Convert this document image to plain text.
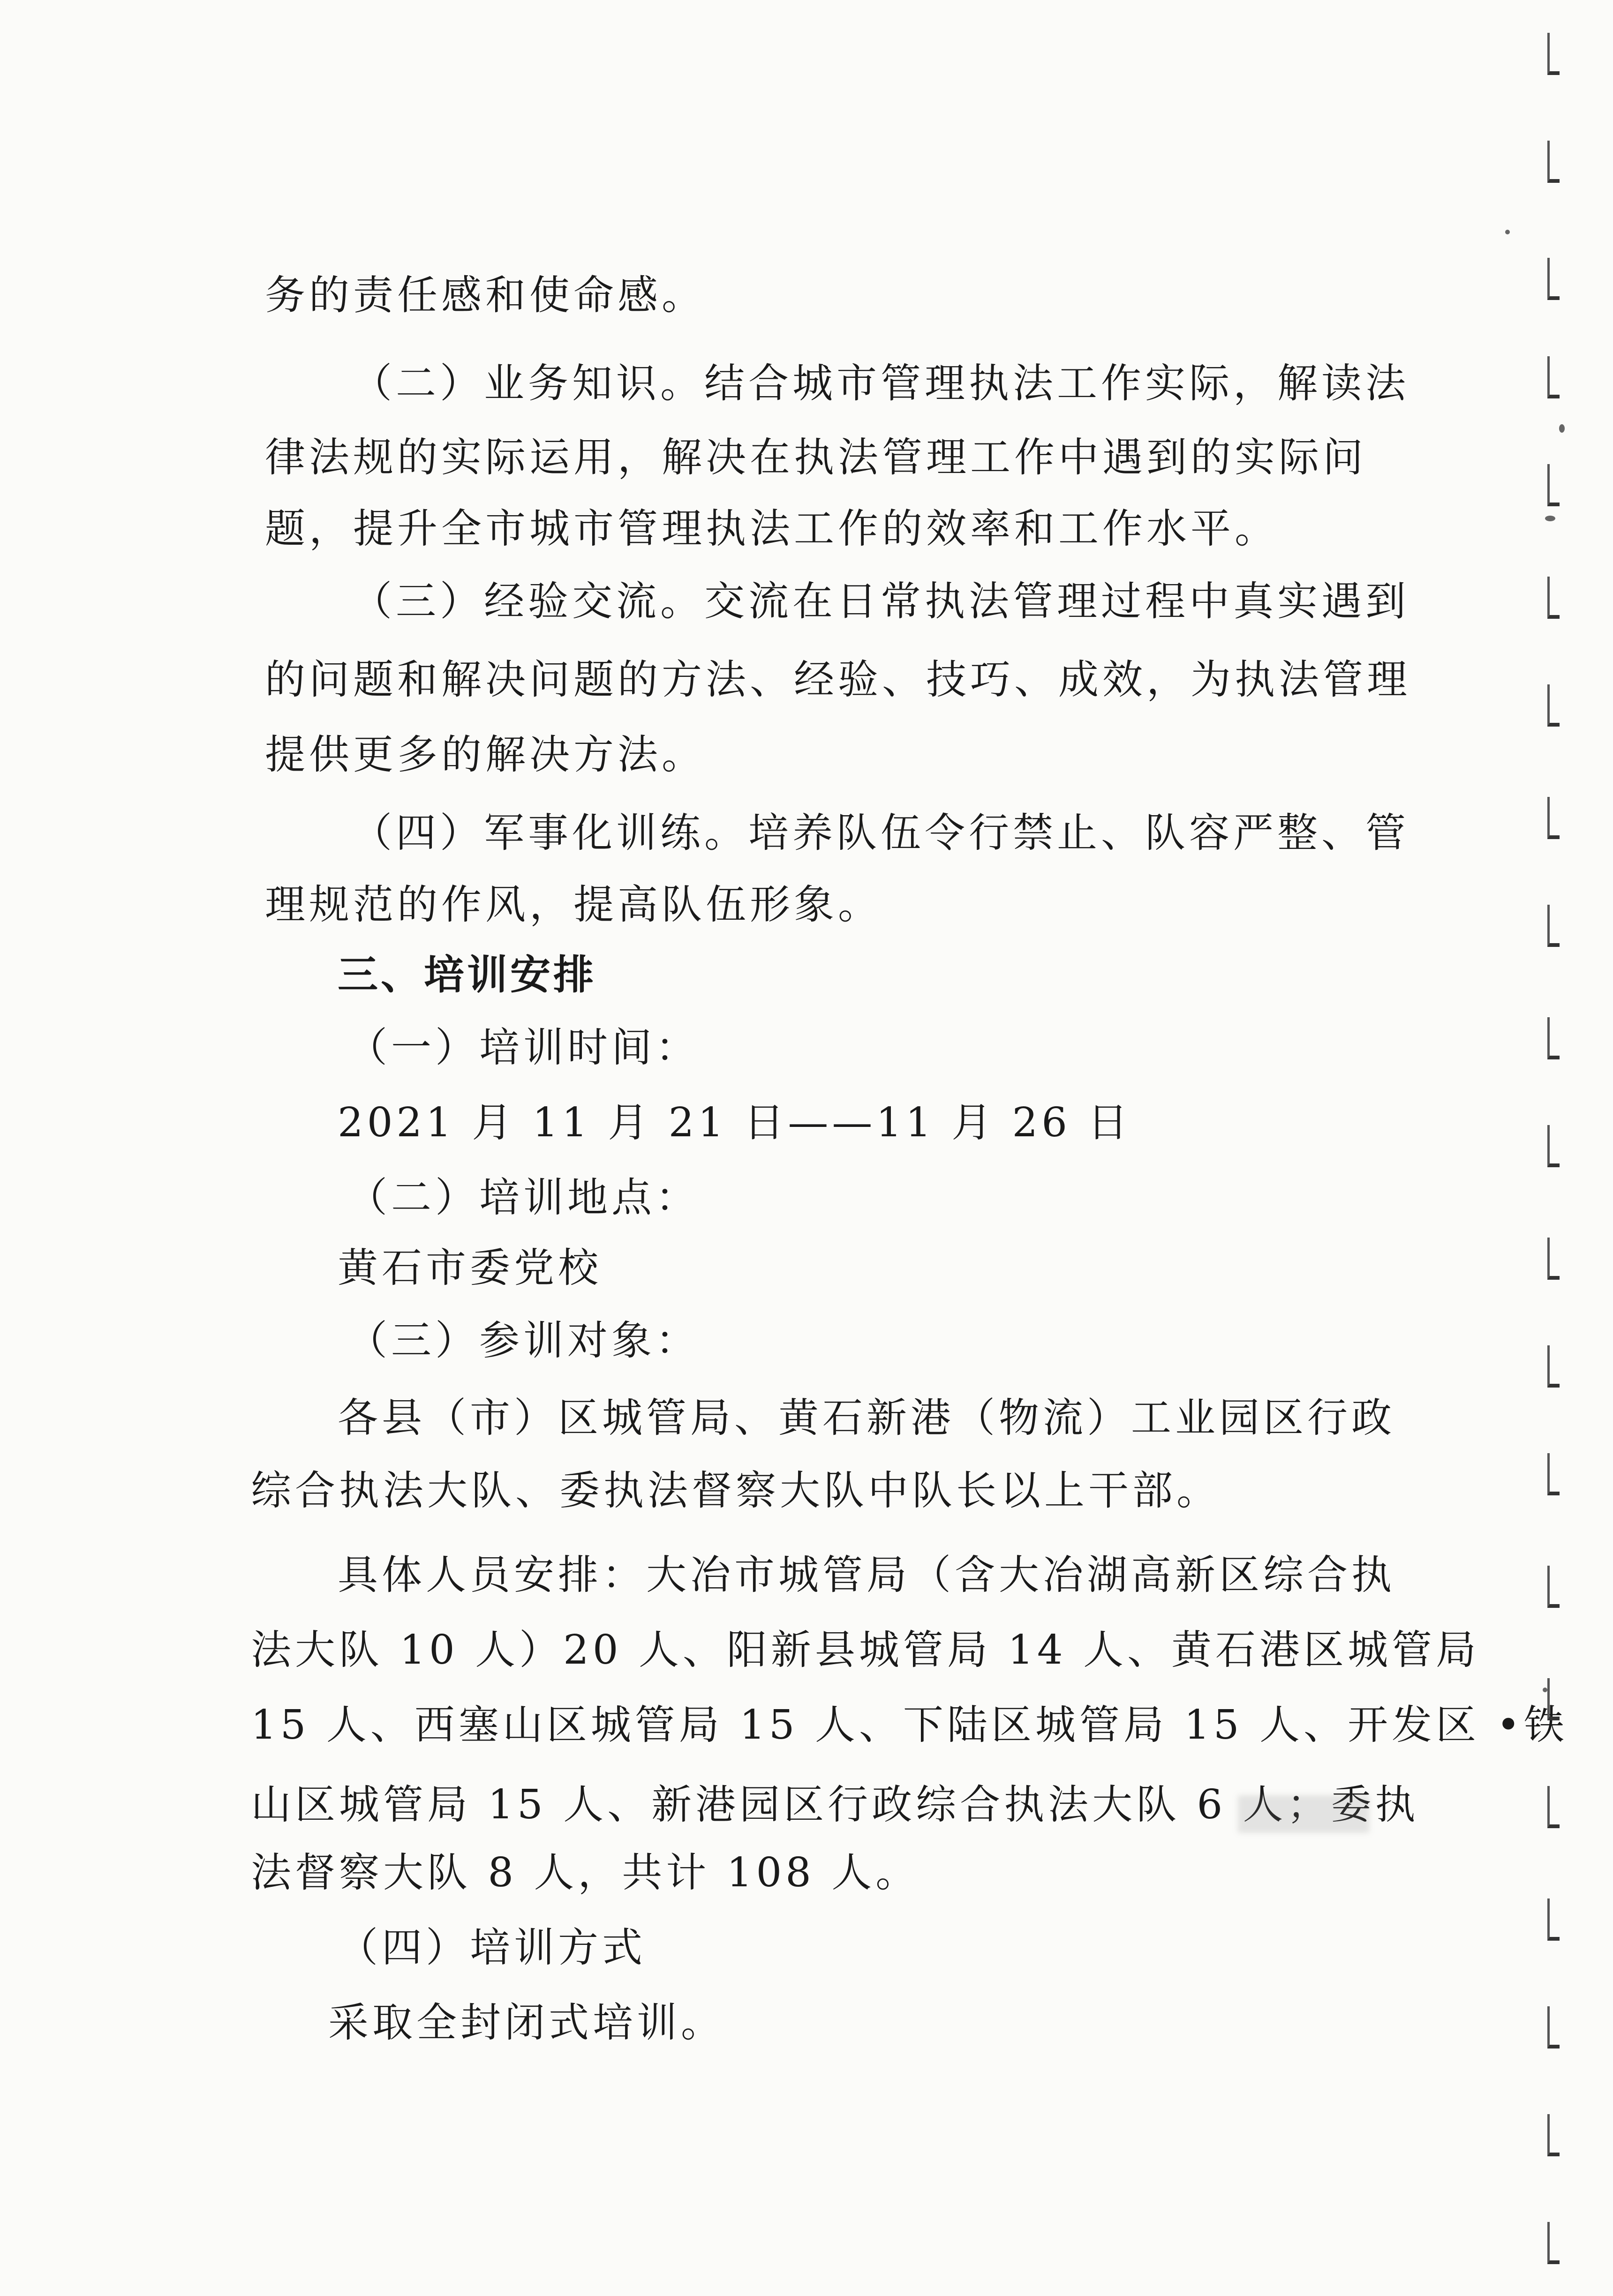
务的责任感和使命感。
（二）业务知识。结合城市管理执法工作实际，解读法
律法规的实际运用，解决在执法管理工作中遇到的实际问
题，提升全市城市管理执法工作的效率和工作水平。
（三）经验交流。交流在日常执法管理过程中真实遇到
的问题和解决问题的方法、经验、技巧、成效，为执法管理
提供更多的解决方法。
（四）军事化训练。培养队伍令行禁止、队容严整、管
理规范的作风，提高队伍形象。
三、培训安排
（一）培训时间：
2021 月 11 月 21 日——11 月 26 日
（二）培训地点：
黄石市委党校
（三）参训对象：
各县（市）区城管局、黄石新港（物流）工业园区行政
综合执法大队、委执法督察大队中队长以上干部。
具体人员安排：大冶市城管局（含大冶湖高新区综合执
法大队 10 人）20 人、阳新县城管局 14 人、黄石港区城管局
15 人、西塞山区城管局 15 人、下陆区城管局 15 人、开发区 •铁
山区城管局 15 人、新港园区行政综合执法大队 6 人；委执
法督察大队 8 人，共计 108 人。
（四）培训方式
采取全封闭式培训。
